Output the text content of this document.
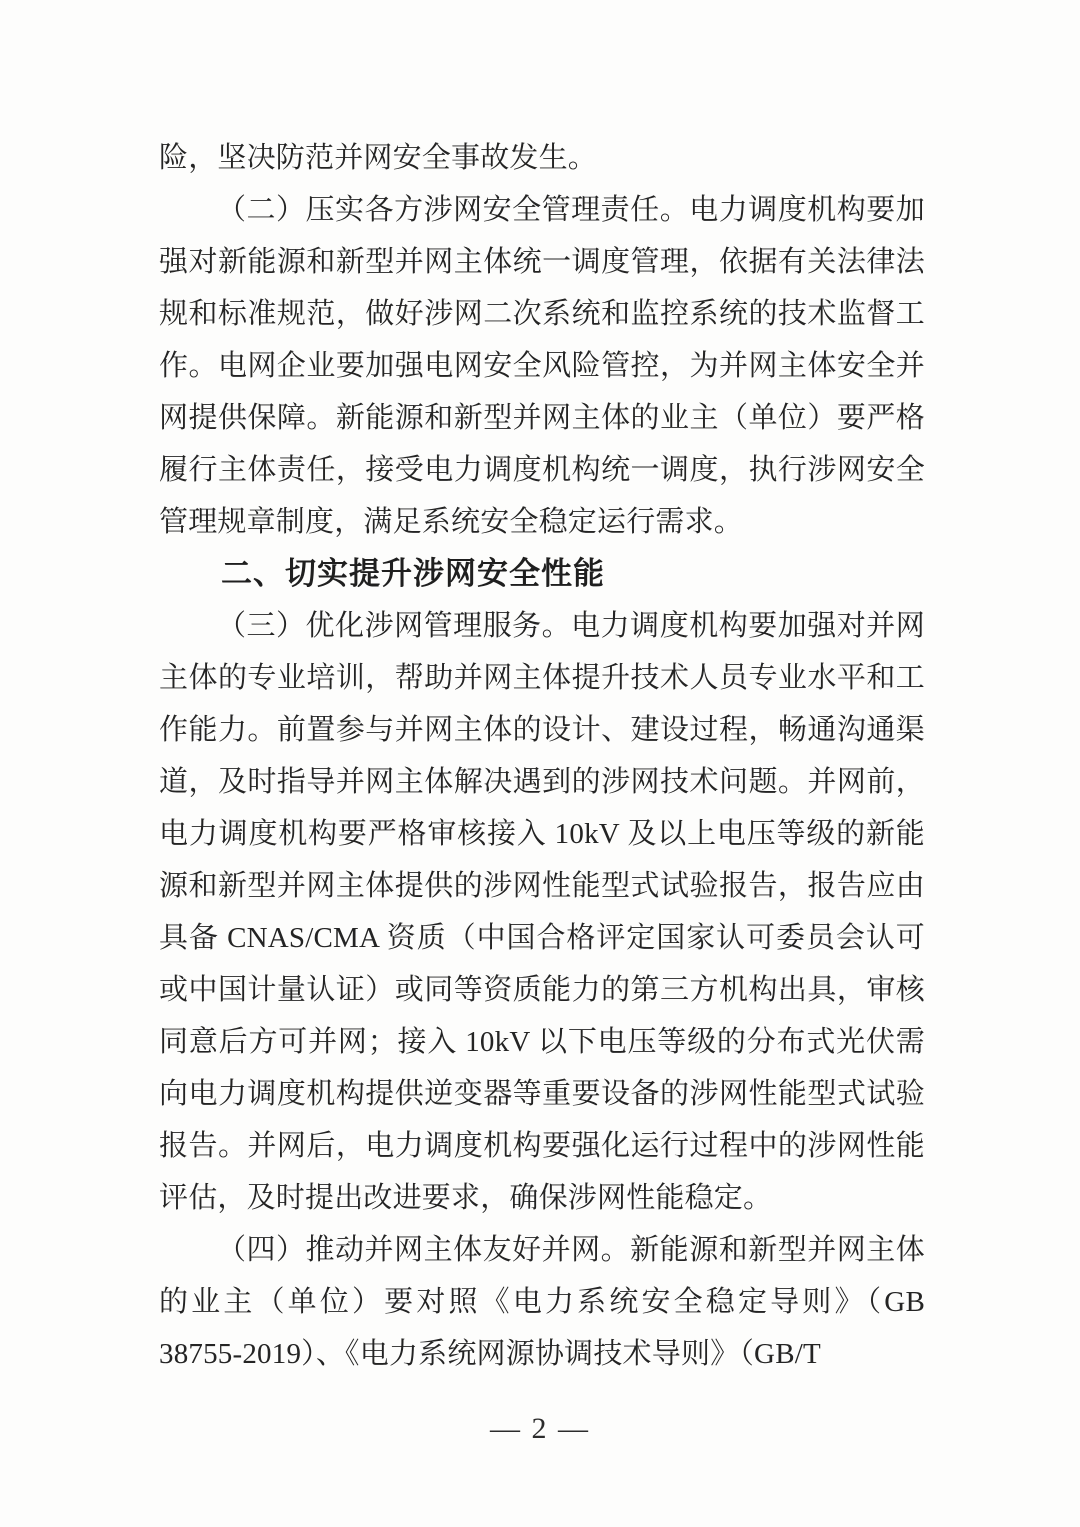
险，坚决防范并网安全事故发生。

（二）压实各方涉网安全管理责任。电力调度机构要加强对新能源和新型并网主体统一调度管理，依据有关法律法规和标准规范，做好涉网二次系统和监控系统的技术监督工作。电网企业要加强电网安全风险管控，为并网主体安全并网提供保障。新能源和新型并网主体的业主（单位）要严格履行主体责任，接受电力调度机构统一调度，执行涉网安全管理规章制度，满足系统安全稳定运行需求。

二、切实提升涉网安全性能

（三）优化涉网管理服务。电力调度机构要加强对并网主体的专业培训，帮助并网主体提升技术人员专业水平和工作能力。前置参与并网主体的设计、建设过程，畅通沟通渠道，及时指导并网主体解决遇到的涉网技术问题。并网前，电力调度机构要严格审核接入 10kV 及以上电压等级的新能源和新型并网主体提供的涉网性能型式试验报告，报告应由具备 CNAS/CMA 资质（中国合格评定国家认可委员会认可或中国计量认证）或同等资质能力的第三方机构出具，审核同意后方可并网；接入 10kV 以下电压等级的分布式光伏需向电力调度机构提供逆变器等重要设备的涉网性能型式试验报告。并网后，电力调度机构要强化运行过程中的涉网性能评估，及时提出改进要求，确保涉网性能稳定。

（四）推动并网主体友好并网。新能源和新型并网主体的业主（单位）要对照《电力系统安全稳定导则》（GB 38755-2019）、《电力系统网源协调技术导则》（GB/T

— 2 —
